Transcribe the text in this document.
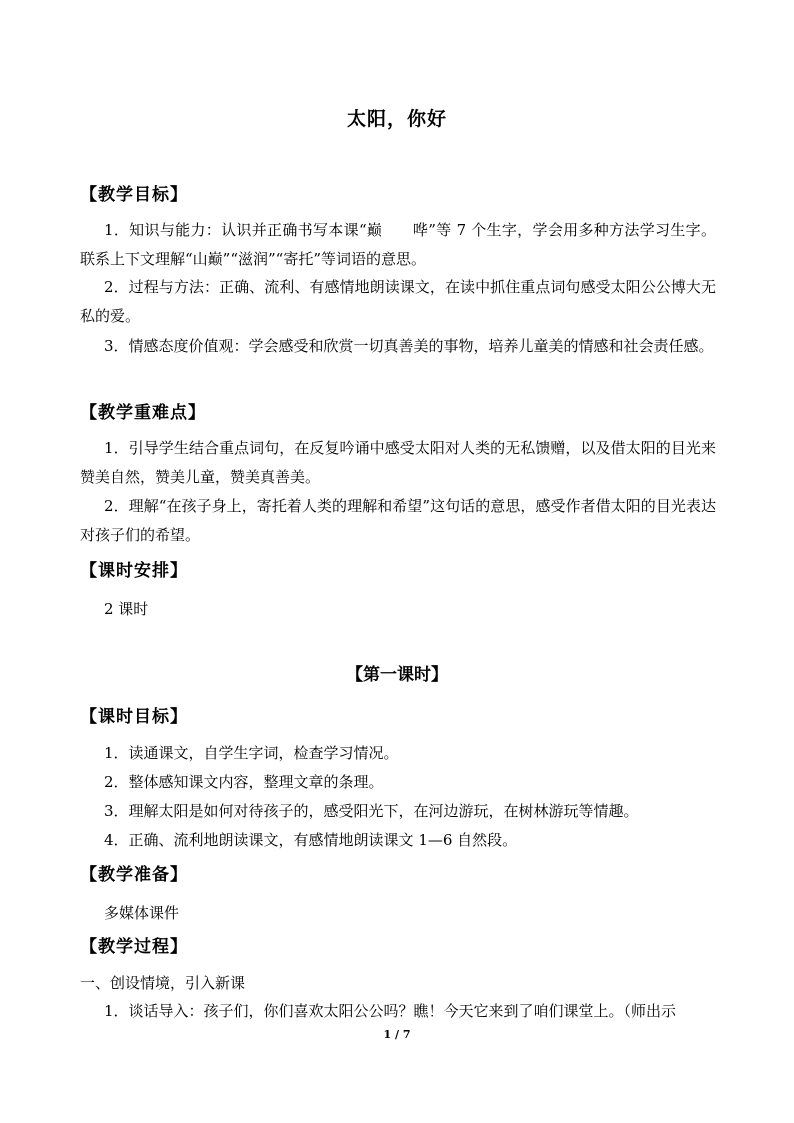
太阳，你好
【教学目标】
1．知识与能力：认识并正确书写本课“巅　　哗”等 7 个生字，学会用多种方法学习生字。联系上下文理解“山巅”“滋润”“寄托”等词语的意思。
2．过程与方法：正确、流利、有感情地朗读课文，在读中抓住重点词句感受太阳公公博大无私的爱。
3．情感态度价值观：学会感受和欣赏一切真善美的事物，培养儿童美的情感和社会责任感。
【教学重难点】
1．引导学生结合重点词句，在反复吟诵中感受太阳对人类的无私馈赠，以及借太阳的目光来赞美自然，赞美儿童，赞美真善美。
2．理解“在孩子身上，寄托着人类的理解和希望”这句话的意思，感受作者借太阳的目光表达对孩子们的希望。
【课时安排】
2 课时
【第一课时】
【课时目标】
1．读通课文，自学生字词，检查学习情况。
2．整体感知课文内容，整理文章的条理。
3．理解太阳是如何对待孩子的，感受阳光下，在河边游玩，在树林游玩等情趣。
4．正确、流利地朗读课文，有感情地朗读课文 1—6 自然段。
【教学准备】
多媒体课件
【教学过程】
一、创设情境，引入新课
1．谈话导入：孩子们，你们喜欢太阳公公吗？瞧！今天它来到了咱们课堂上。（师出示
1 / 7
